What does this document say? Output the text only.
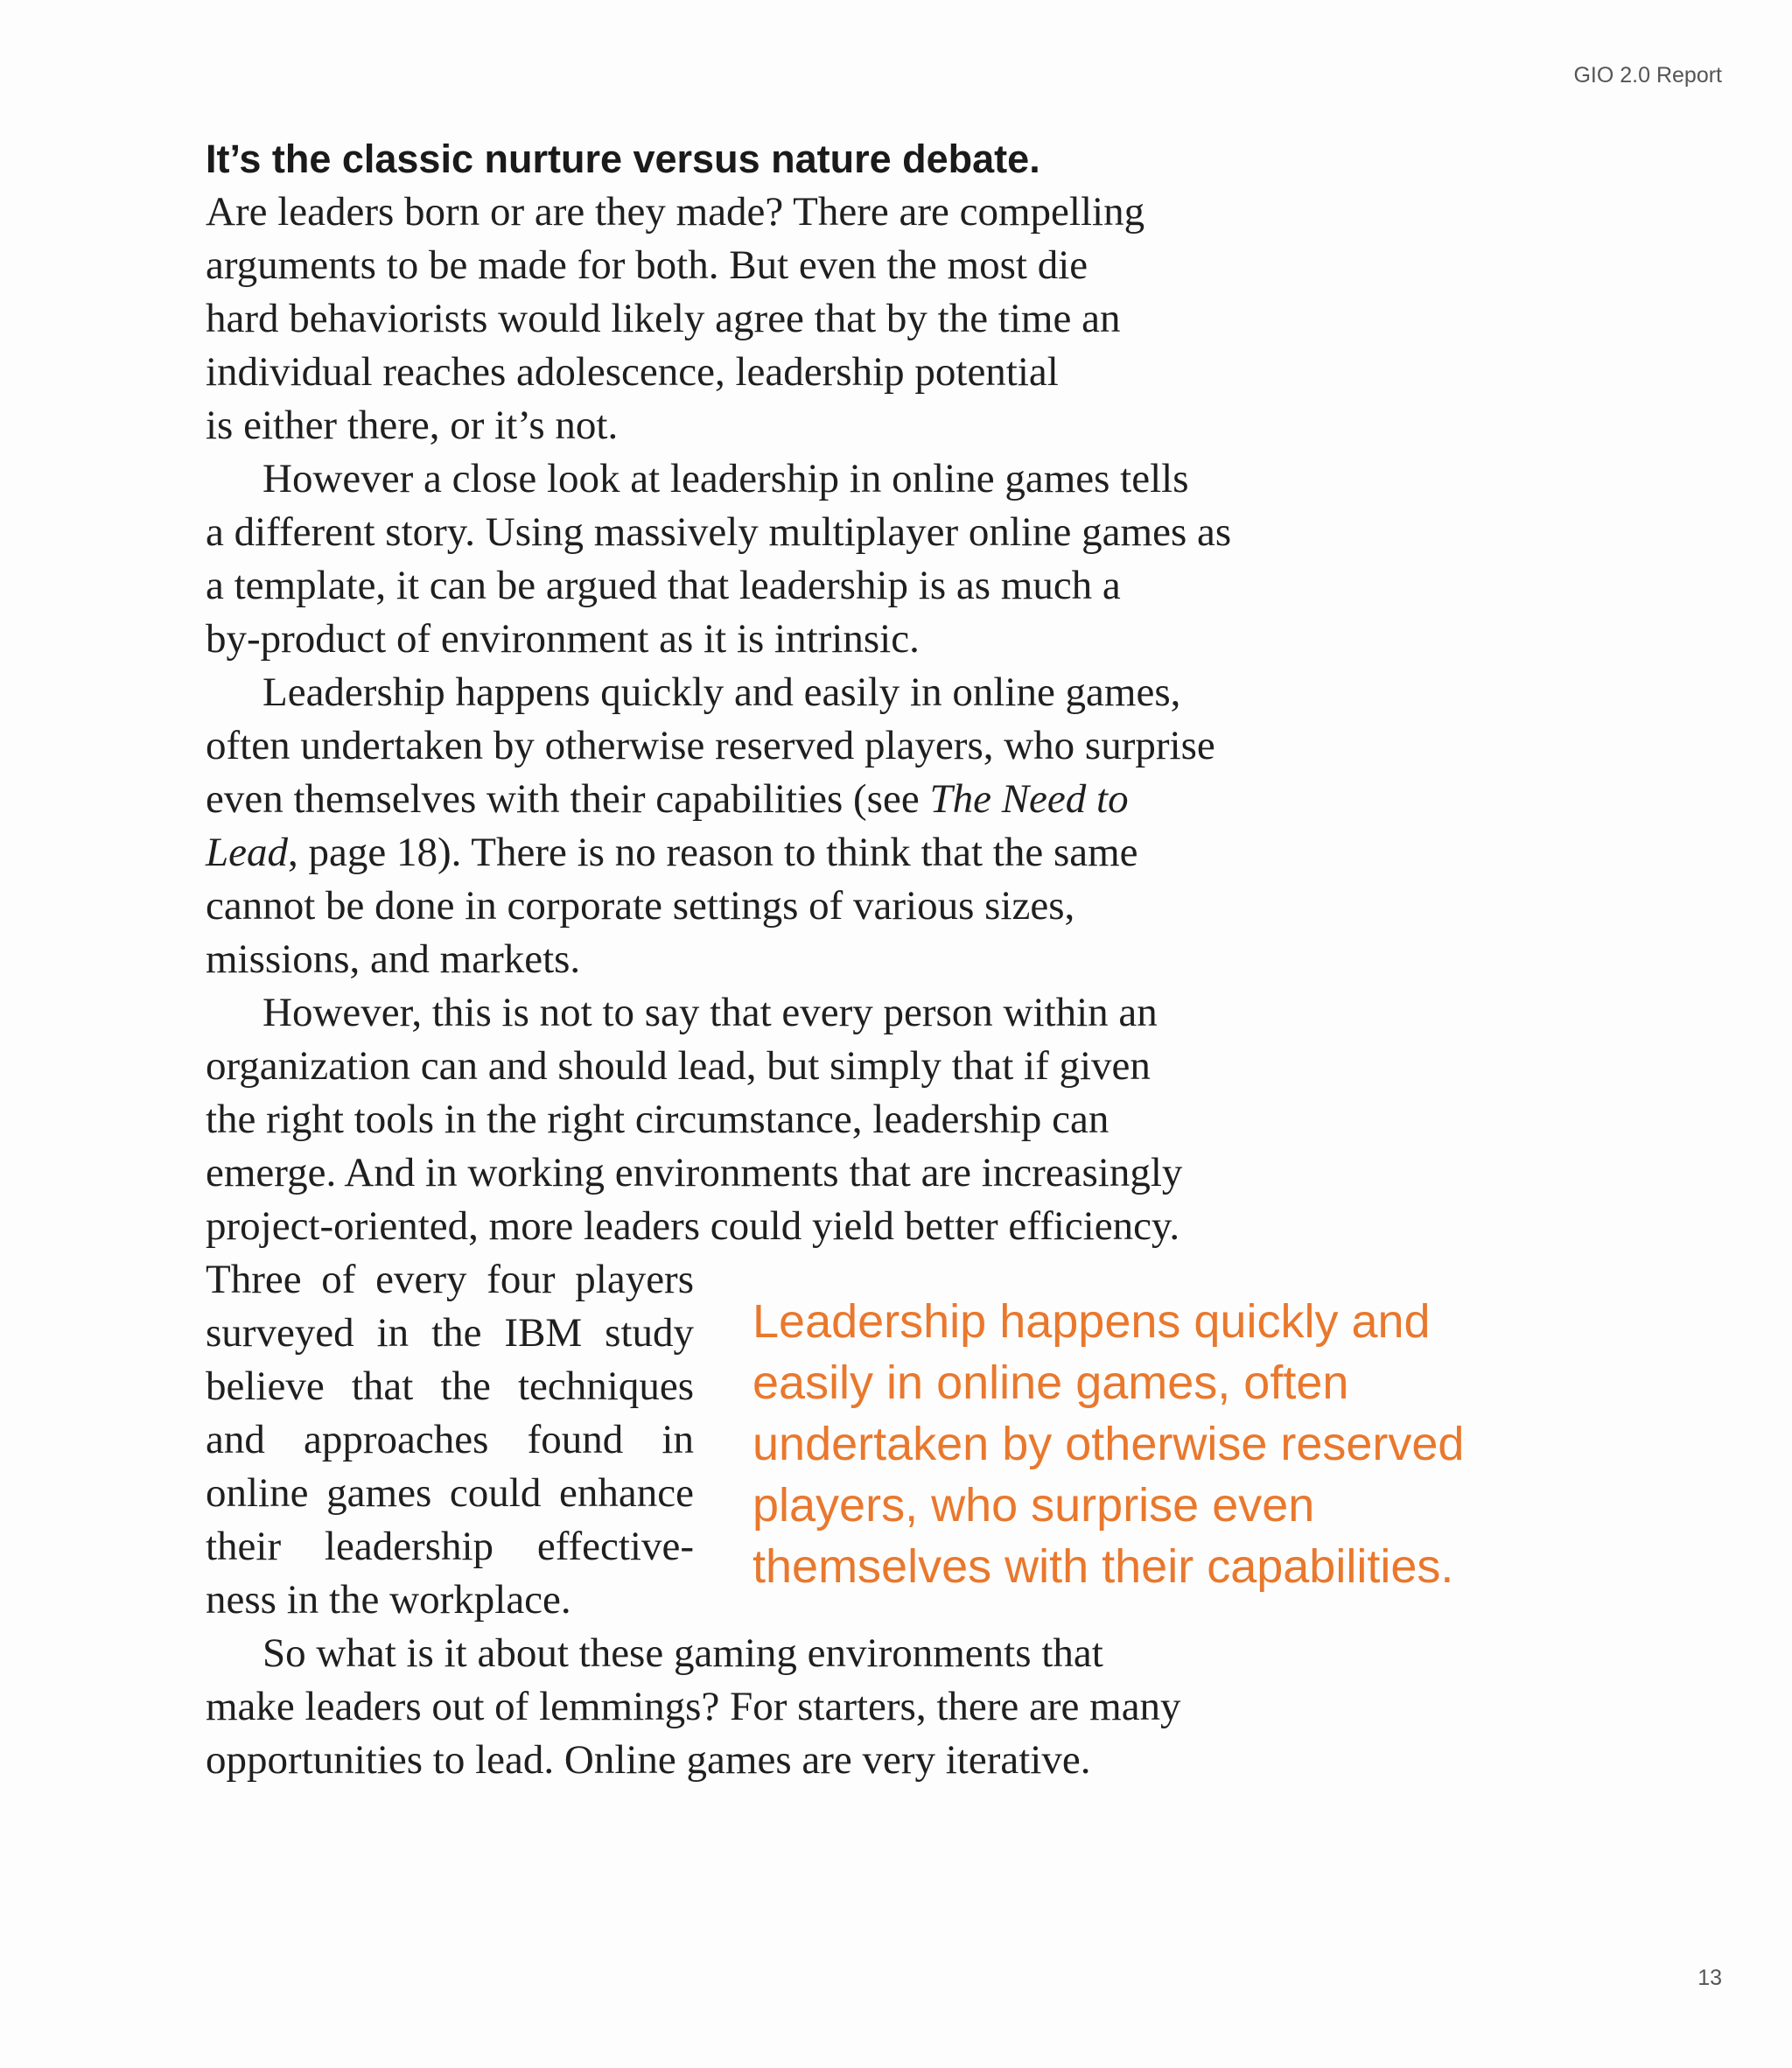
GIO 2.0 Report
It’s the classic nurture versus nature debate.
Are leaders born or are they made? There are compelling
arguments to be made for both. But even the most die
hard behaviorists would likely agree that by the time an
individual reaches adolescence, leadership potential
is either there, or it’s not.
However a close look at leadership in online games tells
a different story. Using massively multiplayer online games as
a template, it can be argued that leadership is as much a
by-product of environment as it is intrinsic.
Leadership happens quickly and easily in online games,
often undertaken by otherwise reserved players, who surprise
even themselves with their capabilities (see The Need to
Lead, page 18). There is no reason to think that the same
cannot be done in corporate settings of various sizes,
missions, and markets.
However, this is not to say that every person within an
organization can and should lead, but simply that if given
the right tools in the right circumstance, leadership can
emerge. And in working environments that are increasingly
project-oriented, more leaders could yield better efficiency.
Three of every four players
surveyed in the IBM study
believe that the techniques
and approaches found in
online games could enhance
their leadership effective-
ness in the workplace.
So what is it about these gaming environments that
make leaders out of lemmings? For starters, there are many
opportunities to lead. Online games are very iterative.
Leadership happens quickly and
easily in online games, often
undertaken by otherwise reserved
players, who surprise even
themselves with their capabilities.
13
